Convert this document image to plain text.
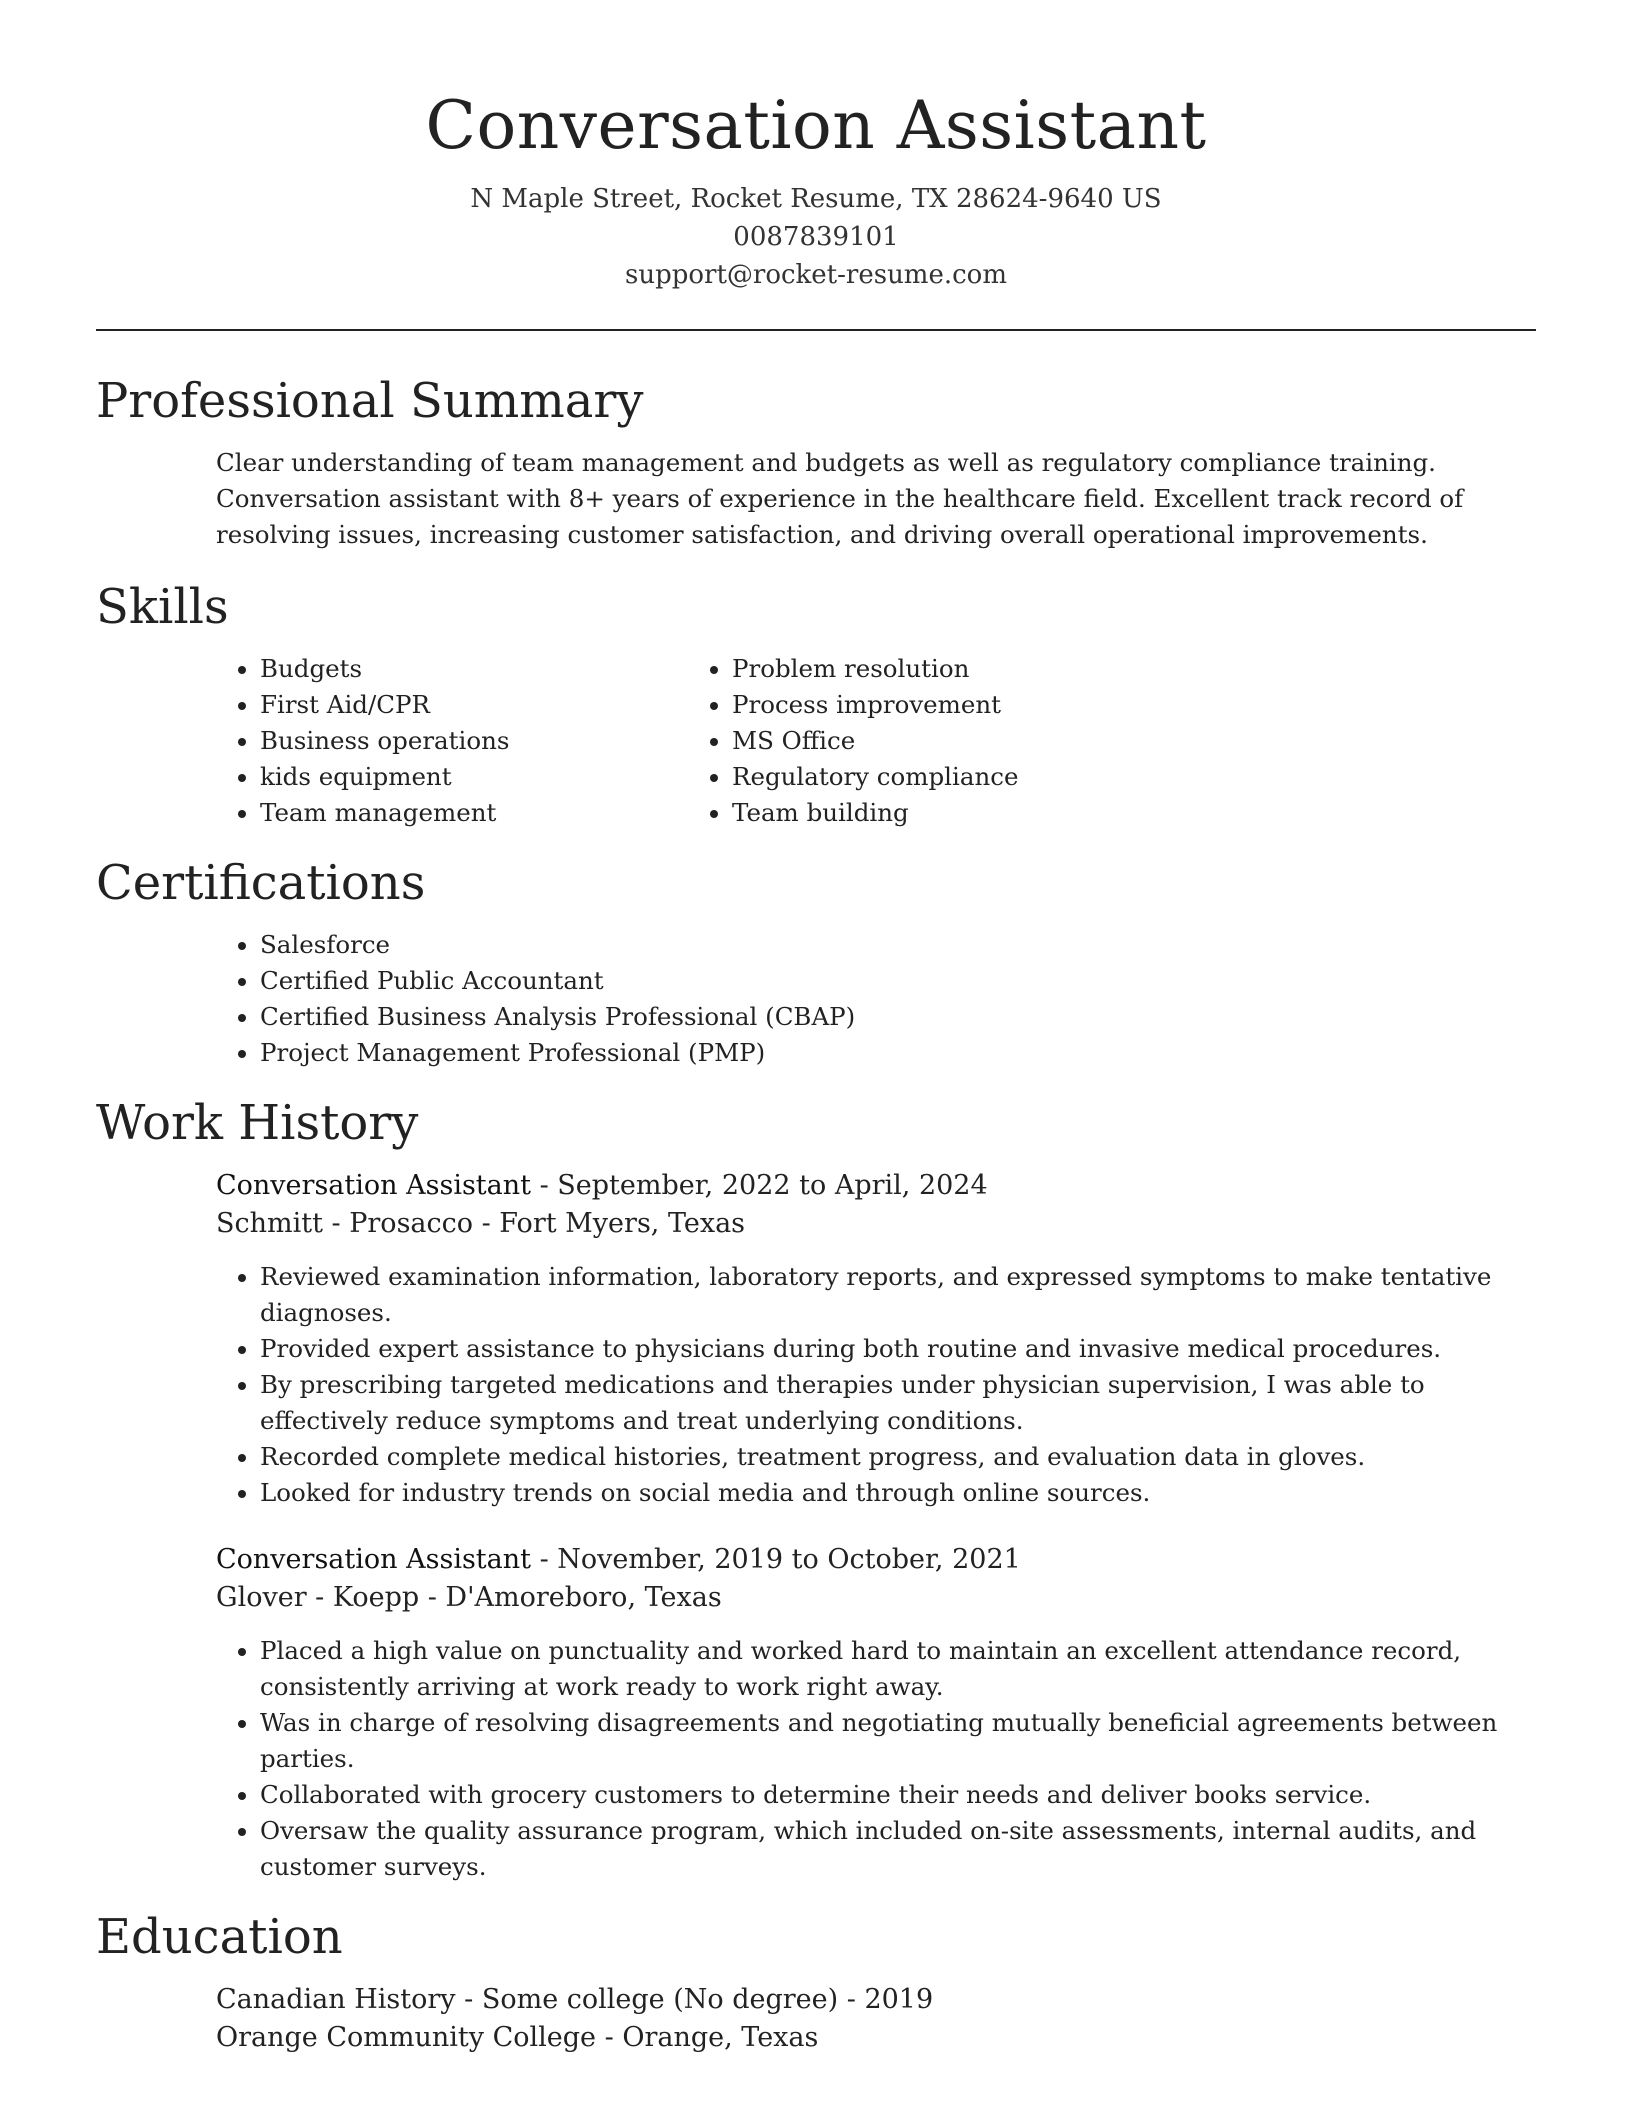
Conversation Assistant
N Maple Street, Rocket Resume, TX 28624-9640 US
0087839101
support@rocket-resume.com
Professional Summary
Clear understanding of team management and budgets as well as regulatory compliance training. Conversation assistant with 8+ years of experience in the healthcare field. Excellent track record of resolving issues, increasing customer satisfaction, and driving overall operational improvements.
Skills
• Budgets
• First Aid/CPR
• Business operations
• kids equipment
• Team management
• Problem resolution
• Process improvement
• MS Office
• Regulatory compliance
• Team building
Certifications
• Salesforce
• Certified Public Accountant
• Certified Business Analysis Professional (CBAP)
• Project Management Professional (PMP)
Work History
Conversation Assistant - September, 2022 to April, 2024
Schmitt - Prosacco - Fort Myers, Texas
• Reviewed examination information, laboratory reports, and expressed symptoms to make tentative diagnoses.
• Provided expert assistance to physicians during both routine and invasive medical procedures.
• By prescribing targeted medications and therapies under physician supervision, I was able to effectively reduce symptoms and treat underlying conditions.
• Recorded complete medical histories, treatment progress, and evaluation data in gloves.
• Looked for industry trends on social media and through online sources.
Conversation Assistant - November, 2019 to October, 2021
Glover - Koepp - D'Amoreboro, Texas
• Placed a high value on punctuality and worked hard to maintain an excellent attendance record, consistently arriving at work ready to work right away.
• Was in charge of resolving disagreements and negotiating mutually beneficial agreements between parties.
• Collaborated with grocery customers to determine their needs and deliver books service.
• Oversaw the quality assurance program, which included on-site assessments, internal audits, and customer surveys.
Education
Canadian History - Some college (No degree) - 2019
Orange Community College - Orange, Texas
